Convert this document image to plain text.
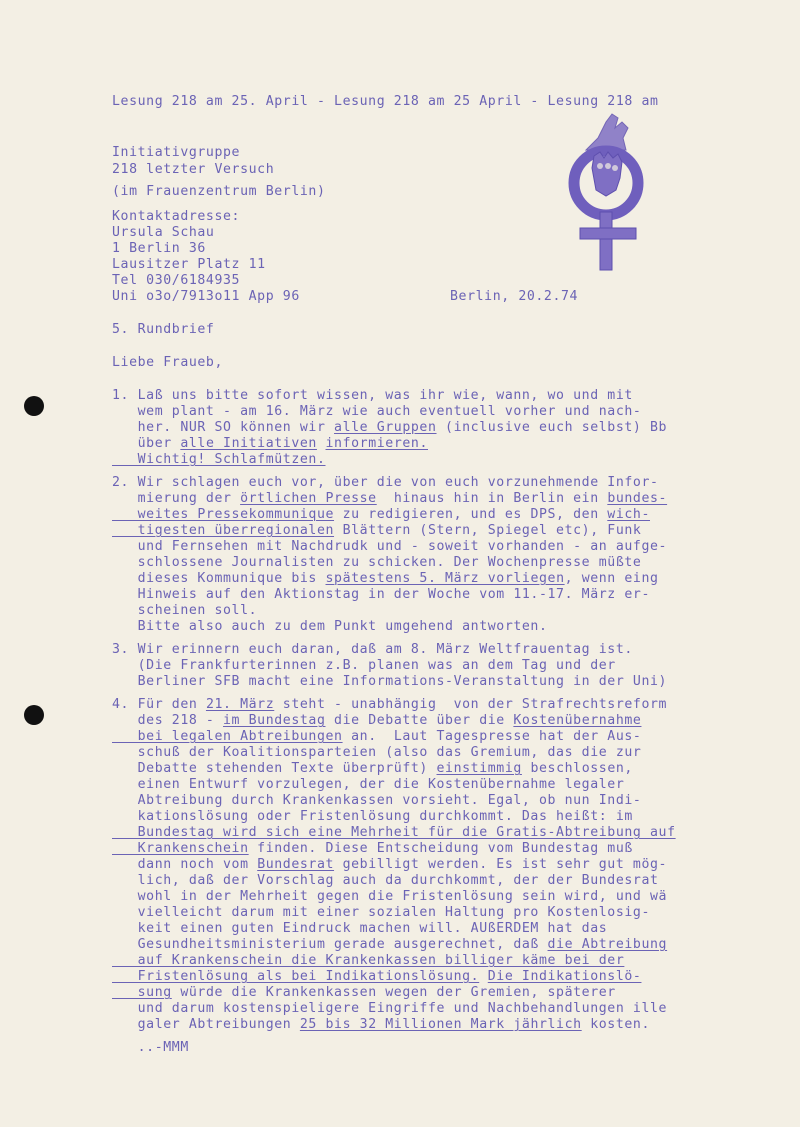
Lesung 218 am 25. April - Lesung 218 am 25 April - Lesung 218 am
Initiativgruppe
218 letzter Versuch
(im Frauenzentrum Berlin)
Kontaktadresse:
Ursula Schau
1 Berlin 36
Lausitzer Platz 11
Tel 030/6184935
Uni o3o/7913o11 App 96	Berlin, 20.2.74
5. Rundbrief
Liebe Fraueb,
1. Laß uns bitte sofort wissen, was ihr wie, wann, wo und mit
wem plant - am 16. März wie auch eventuell vorher und nach-
her. NUR SO können wir alle Gruppen (inclusive euch selbst) Bb
über alle Initiativen informieren.
Wichtig! Schlafmützen.
2. Wir schlagen euch vor, über die von euch vorzunehmende Infor-
mierung der örtlichen Presse  hinaus hin in Berlin ein bundes-
weites Pressekommunique zu redigieren, und es DPS, den wich-
tigesten überregionalen Blättern (Stern, Spiegel etc), Funk
und Fernsehen mit Nachdrudk und - soweit vorhanden - an aufge-
schlossene Journalisten zu schicken. Der Wochenpresse müßte
dieses Kommunique bis spätestens 5. März vorliegen, wenn eing
Hinweis auf den Aktionstag in der Woche vom 11.-17. März er-
scheinen soll.
Bitte also auch zu dem Punkt umgehend antworten.
3. Wir erinnern euch daran, daß am 8. März Weltfrauentag ist.
(Die Frankfurterinnen z.B. planen was an dem Tag und der
Berliner SFB macht eine Informations-Veranstaltung in der Uni)
4. Für den 21. März steht - unabhängig  von der Strafrechtsreform
des 218 - im Bundestag die Debatte über die Kostenübernahme
bei legalen Abtreibungen an.  Laut Tagespresse hat der Aus-
schuß der Koalitionsparteien (also das Gremium, das die zur
Debatte stehenden Texte überprüft) einstimmig beschlossen,
einen Entwurf vorzulegen, der die Kostenübernahme legaler
Abtreibung durch Krankenkassen vorsieht. Egal, ob nun Indi-
kationslösung oder Fristenlösung durchkommt. Das heißt: im
Bundestag wird sich eine Mehrheit für die Gratis-Abtreibung auf
Krankenschein finden. Diese Entscheidung vom Bundestag muß
dann noch vom Bundesrat gebilligt werden. Es ist sehr gut mög-
lich, daß der Vorschlag auch da durchkommt, der der Bundesrat
wohl in der Mehrheit gegen die Fristenlösung sein wird, und wä
vielleicht darum mit einer sozialen Haltung pro Kostenlosig-
keit einen guten Eindruck machen will. AUßERDEM hat das
Gesundheitsministerium gerade ausgerechnet, daß die Abtreibung
auf Krankenschein die Krankenkassen billiger käme bei der
Fristenlösung als bei Indikationslösung. Die Indikationslö-
sung würde die Krankenkassen wegen der Gremien, späterer
und darum kostenspieligere Eingriffe und Nachbehandlungen ille
galer Abtreibungen 25 bis 32 Millionen Mark jährlich kosten.
..-MMM
